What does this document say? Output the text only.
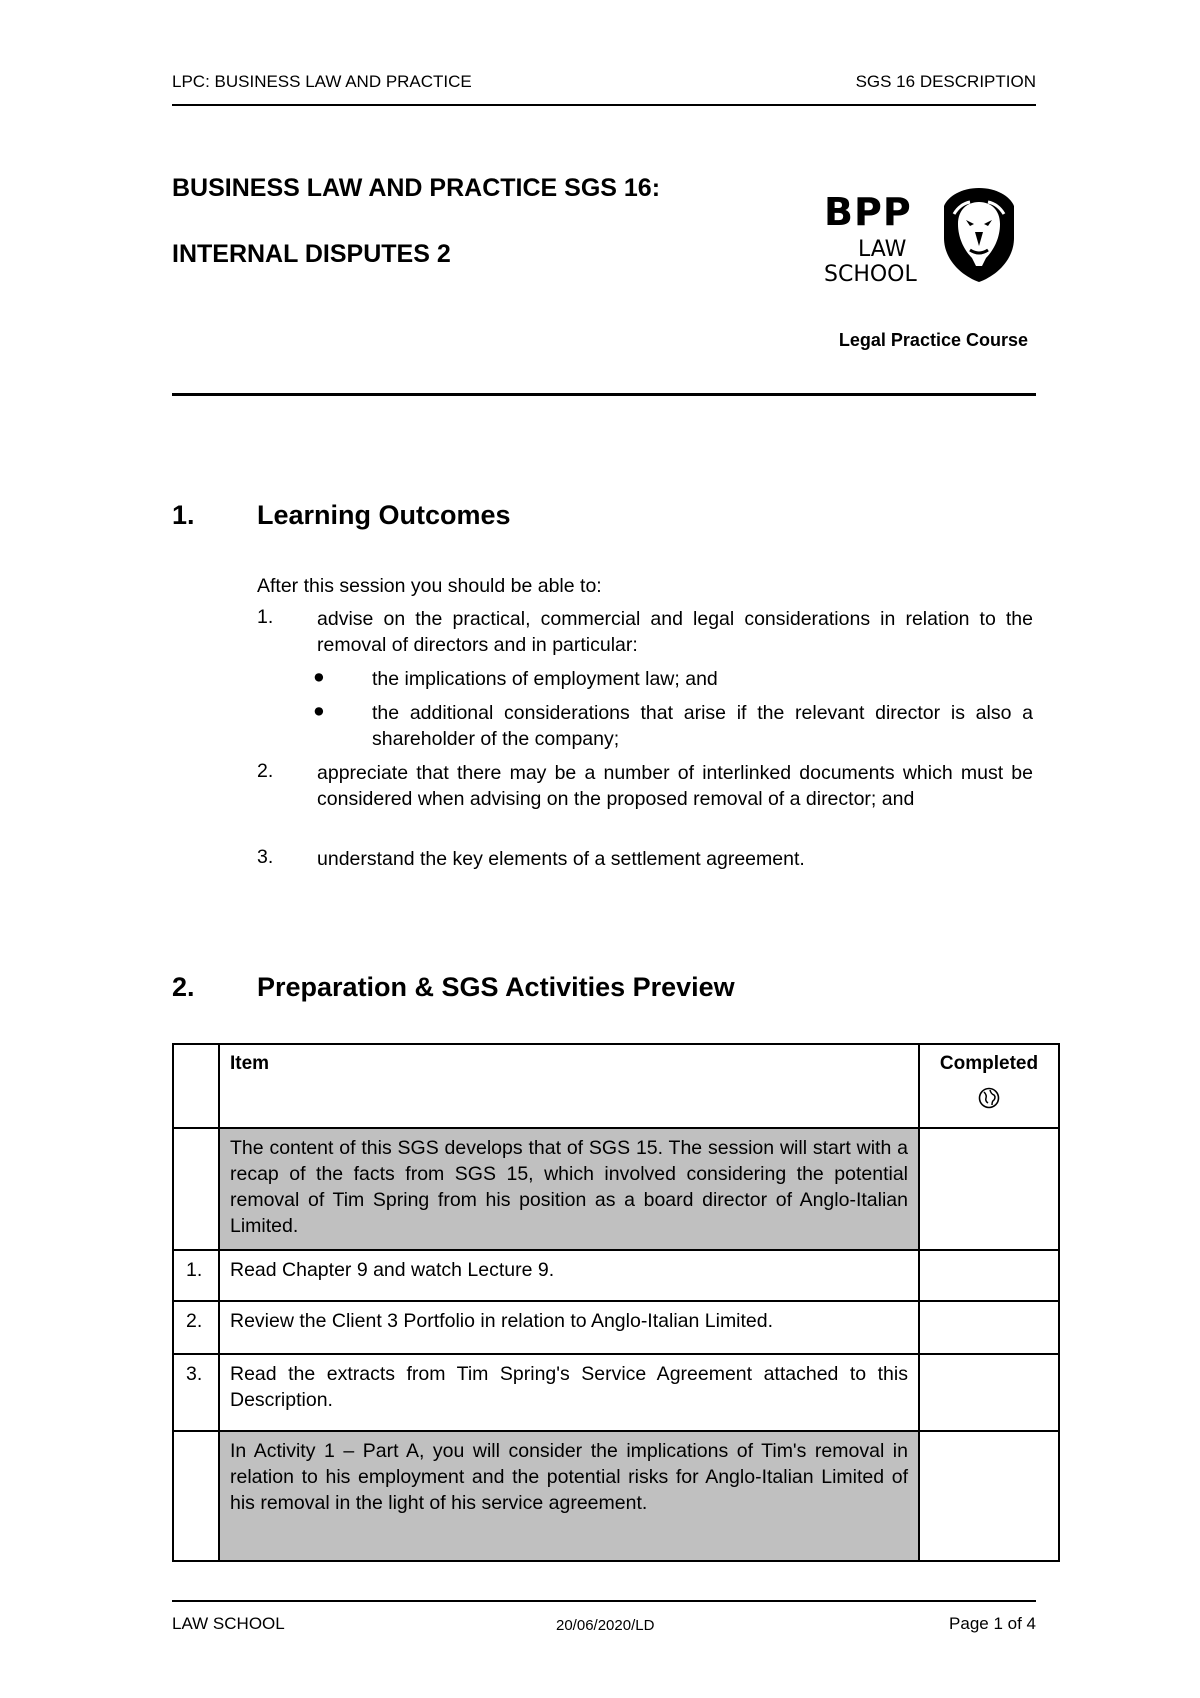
LPC: BUSINESS LAW AND PRACTICE	SGS 16 DESCRIPTION
BUSINESS LAW AND PRACTICE SGS 16:
INTERNAL DISPUTES 2
BPP
LAW
SCHOOL
Legal Practice Course
1. Learning Outcomes
After this session you should be able to:
1. advise on the practical, commercial and legal considerations in relation to the removal of directors and in particular:
● the implications of employment law; and
● the additional considerations that arise if the relevant director is also a shareholder of the company;
2. appreciate that there may be a number of interlinked documents which must be considered when advising on the proposed removal of a director; and
3. understand the key elements of a settlement agreement.
2. Preparation & SGS Activities Preview
	Item	Completed

	The content of this SGS develops that of SGS 15. The session will start with a recap of the facts from SGS 15, which involved considering the potential removal of Tim Spring from his position as a board director of Anglo-Italian Limited.	
1.	Read Chapter 9 and watch Lecture 9.	
2.	Review the Client 3 Portfolio in relation to Anglo-Italian Limited.	
3.	Read the extracts from Tim Spring's Service Agreement attached to this Description.	
	In Activity 1 – Part A, you will consider the implications of Tim's removal in relation to his employment and the potential risks for Anglo-Italian Limited of his removal in the light of his service agreement.	
LAW SCHOOL	20/06/2020/LD	Page 1 of 4
